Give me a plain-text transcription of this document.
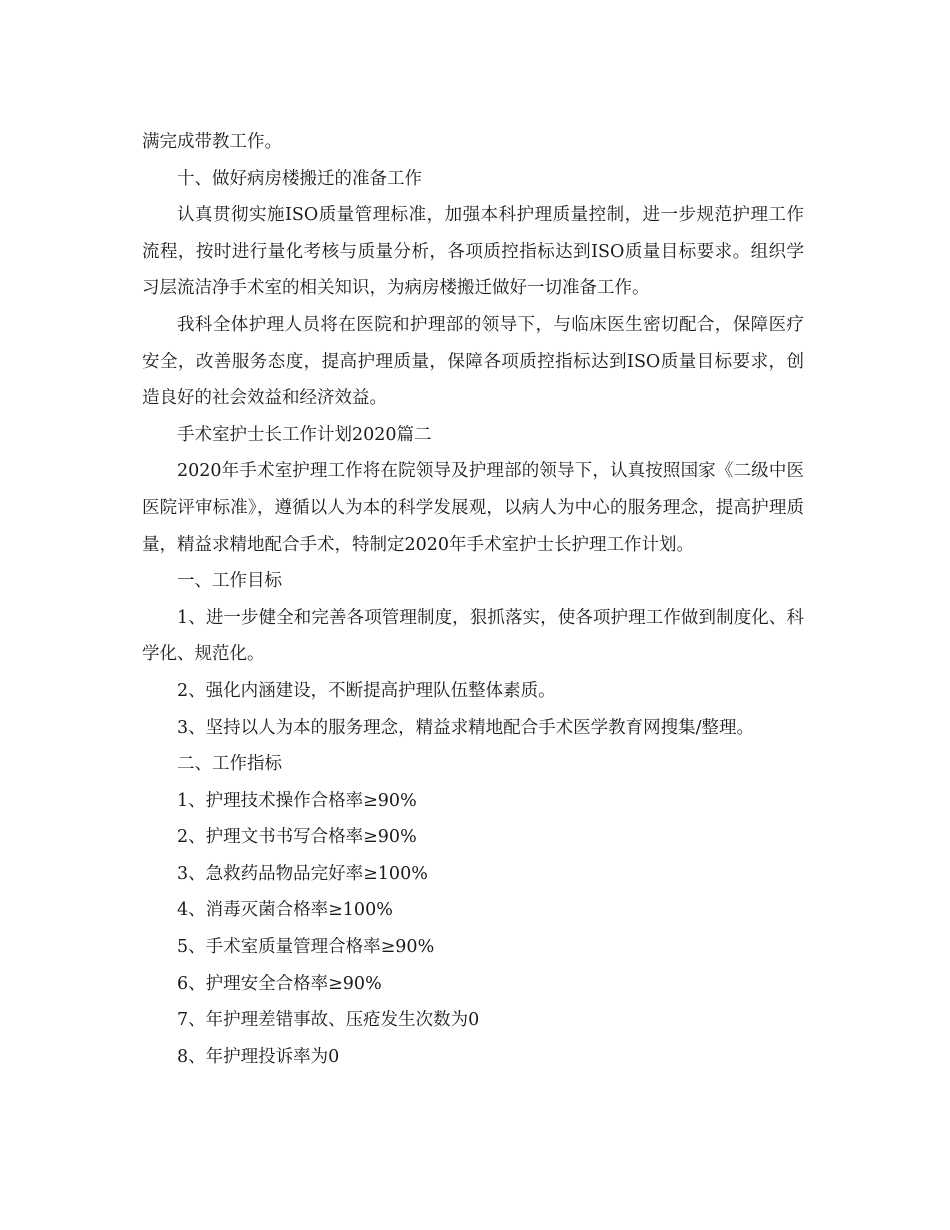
满完成带教工作。

十、做好病房楼搬迁的准备工作

认真贯彻实施ISO质量管理标准，加强本科护理质量控制，进一步规范护理工作流程，按时进行量化考核与质量分析，各项质控指标达到ISO质量目标要求。组织学习层流洁净手术室的相关知识，为病房楼搬迁做好一切准备工作。

我科全体护理人员将在医院和护理部的领导下，与临床医生密切配合，保障医疗安全，改善服务态度，提高护理质量，保障各项质控指标达到ISO质量目标要求，创造良好的社会效益和经济效益。

手术室护士长工作计划2020篇二

2020年手术室护理工作将在院领导及护理部的领导下，认真按照国家《二级中医医院评审标准》，遵循以人为本的科学发展观，以病人为中心的服务理念，提高护理质量，精益求精地配合手术，特制定2020年手术室护士长护理工作计划。

一、工作目标

1、进一步健全和完善各项管理制度，狠抓落实，使各项护理工作做到制度化、科学化、规范化。

2、强化内涵建设，不断提高护理队伍整体素质。

3、坚持以人为本的服务理念，精益求精地配合手术医学教育网搜集/整理。

二、工作指标

1、护理技术操作合格率≥90%

2、护理文书书写合格率≥90%

3、急救药品物品完好率≥100%

4、消毒灭菌合格率≥100%

5、手术室质量管理合格率≥90%

6、护理安全合格率≥90%

7、年护理差错事故、压疮发生次数为0

8、年护理投诉率为0
